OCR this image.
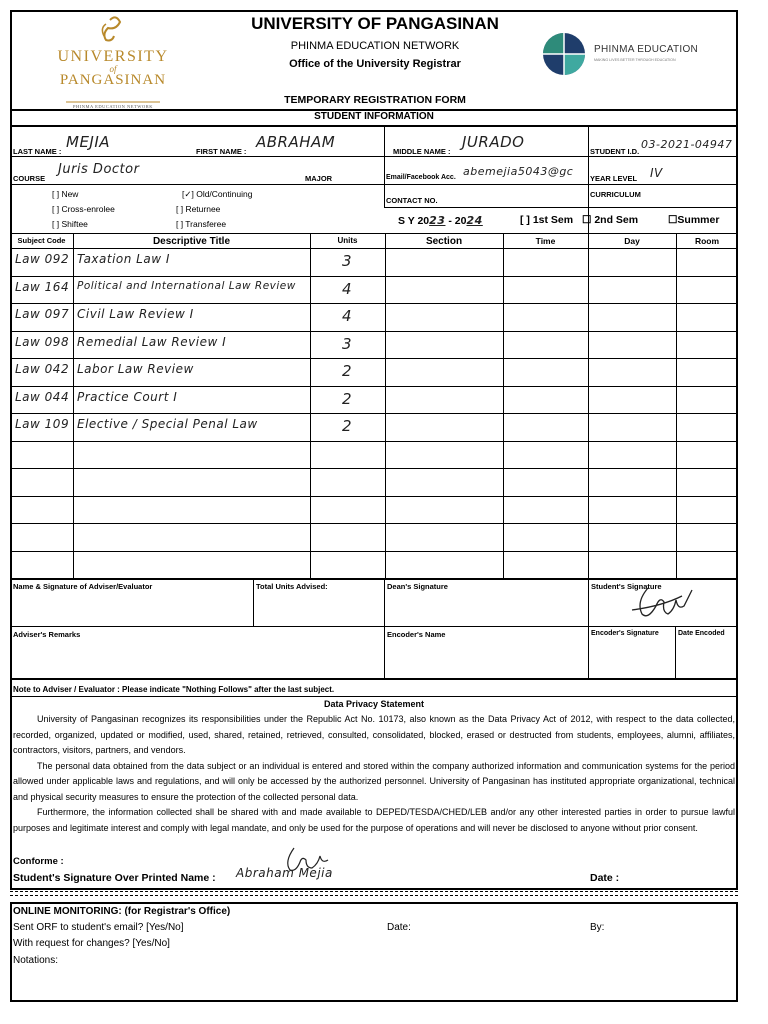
UNIVERSITY
of
PANGASINAN
PHINMA EDUCATION NETWORK
UNIVERSITY OF PANGASINAN
PHINMA EDUCATION NETWORK
Office of the University Registrar
TEMPORARY REGISTRATION FORM
PHINMA EDUCATION
MAKING LIVES BETTER THROUGH EDUCATION
STUDENT INFORMATION
LAST NAME :
MEJIA
FIRST NAME :
ABRAHAM
MIDDLE NAME :
JURADO
STUDENT I.D.
03-2021-04947
COURSE
Juris Doctor
MAJOR	Email/Facebook Acc. abemejia5043@gc
YEAR LEVEL IV
[ ] New	[✓] Old/Continuing
[ ] Cross-enrolee	[ ] Returnee
[ ] Shiftee	[ ] Transferee
CONTACT NO.
CURRICULUM
S Y 2023 - 2024	[ ] 1st Sem ☐ 2nd Sem	☐Summer
Subject Code	Descriptive Title	Units	Section	Time	Day	Room
Law 092 Taxation Law I	3
Law 164 Political and International Law Review	4
Law 097 Civil Law Review I	4
Law 098 Remedial Law Review I	3
Law 042 Labor Law Review	2
Law 044 Practice Court I	2
Law 109 Elective / Special Penal Law	2
Name & Signature of Adviser/Evaluator	Total Units Advised:	Dean's Signature	Student's Signature
Adviser's Remarks	Encoder's Name	Encoder's Signature	Date Encoded
Note to Adviser / Evaluator : Please indicate "Nothing Follows" after the last subject.
Data Privacy Statement

University of Pangasinan recognizes its responsibilities under the Republic Act No. 10173, also known as the Data Privacy Act of 2012, with respect to the data collected, recorded, organized, updated or modified, used, shared, retained, retrieved, consulted, consolidated, blocked, erased or destructed from students, employees, alumni, affiliates, contractors, visitors, partners, and vendors.

The personal data obtained from the data subject or an individual is entered and stored within the company authorized information and communication systems for the period allowed under applicable laws and regulations, and will only be accessed by the authorized personnel. University of Pangasinan has instituted appropriate organizational, technical and physical security measures to ensure the protection of the collected personal data.

Furthermore, the information collected shall be shared with and made available to DEPED/TESDA/CHED/LEB and/or any other interested parties in order to pursue lawful purposes and legitimate interest and comply with legal mandate, and only be used for the purpose of operations and will never be disclosed to anyone without prior consent.

Conforme :
Student's Signature Over Printed Name : Abraham Mejia	Date :
ONLINE MONITORING: (for Registrar's Office)
Sent ORF to student's email? [Yes/No]	Date:	By:
With request for changes? [Yes/No]
Notations:
